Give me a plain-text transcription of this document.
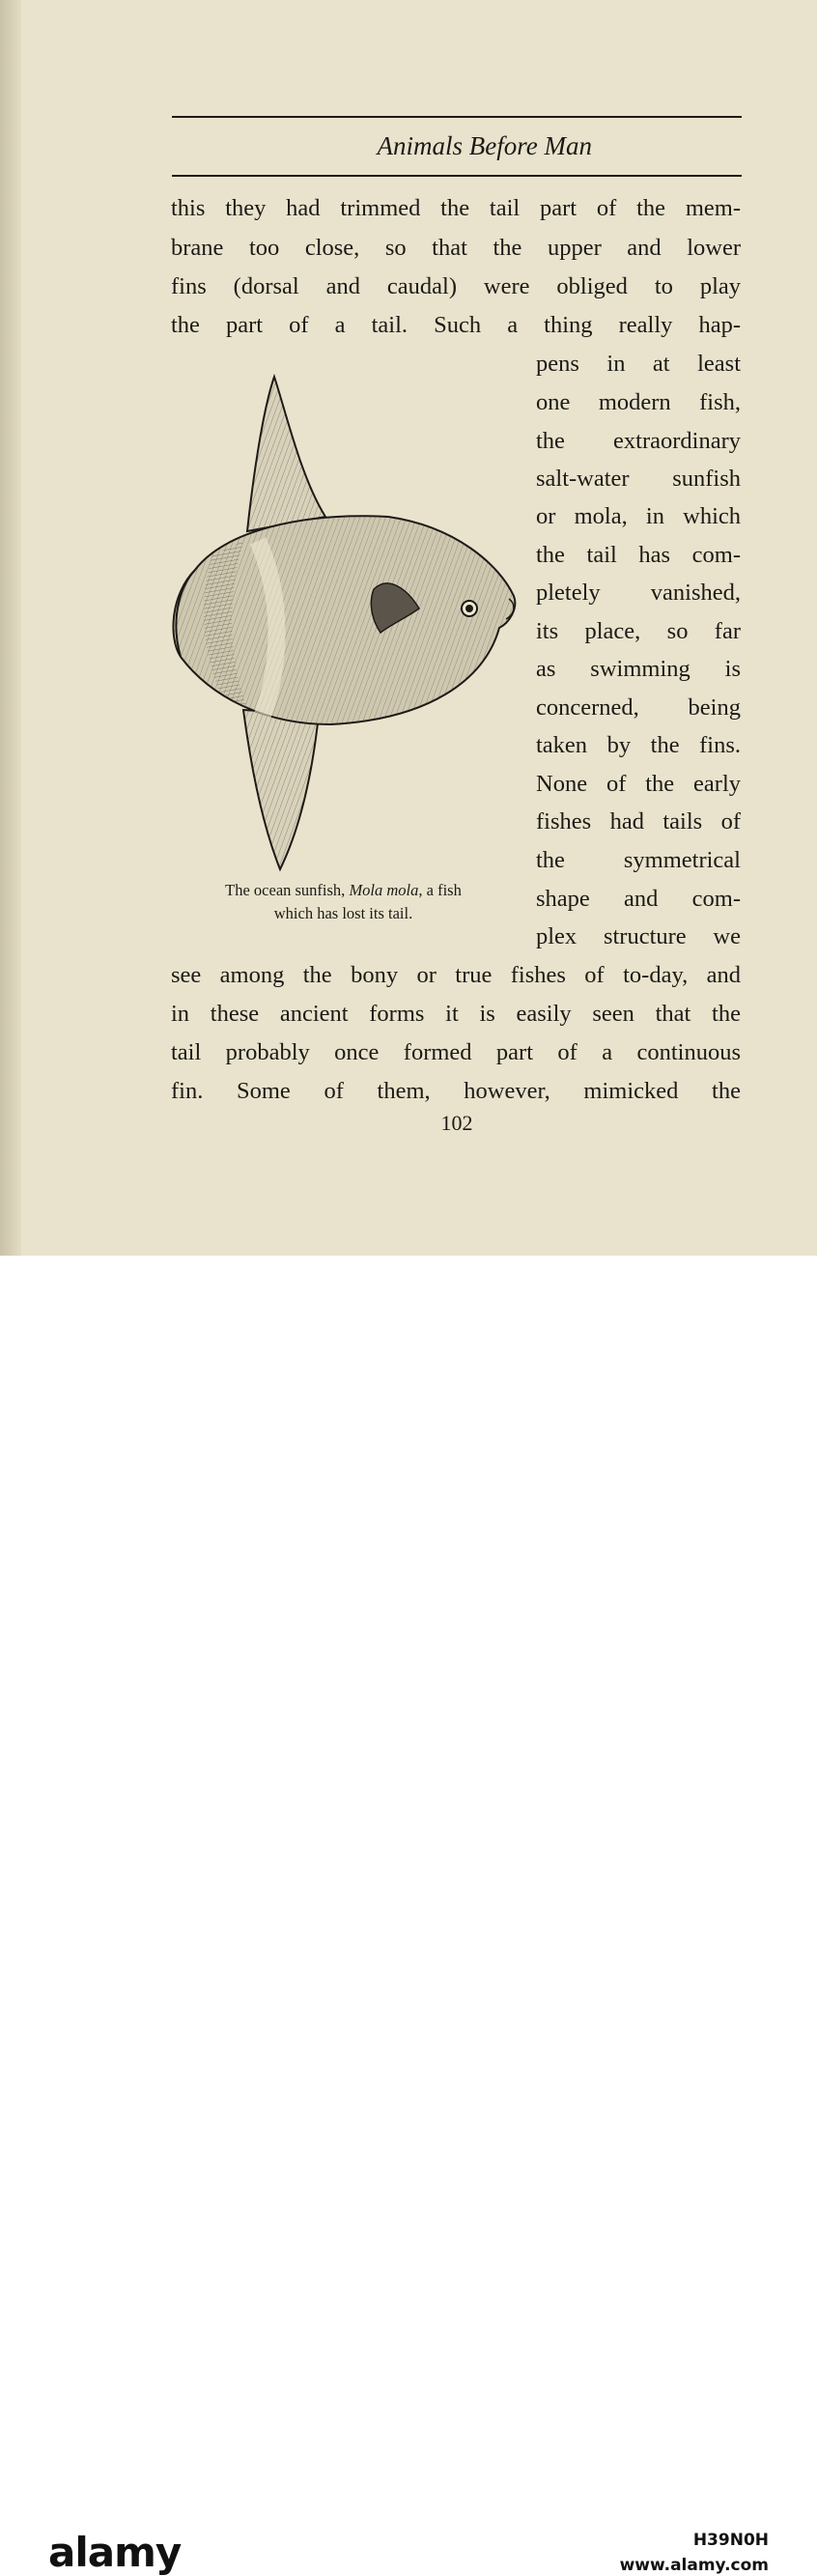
Animals Before Man
this they had trimmed the tail part of the mem-
brane too close, so that the upper and lower
fins (dorsal and caudal) were obliged to play
the part of a tail. Such a thing really hap-
pens in at least
one modern fish,
the extraordinary
salt-water sunfish
or mola, in which
the tail has com-
pletely vanished,
its place, so far
as swimming is
concerned, being
taken by the fins.
None of the early
fishes had tails of
the symmetrical
shape and com-
plex structure we
see among the bony or true fishes of to-day, and
in these ancient forms it is easily seen that the
tail probably once formed part of a continuous
fin. Some of them, however, mimicked the
The ocean sunfish, Mola mola, a fish
which has lost its tail.
102
alamy	H39N0H
www.alamy.com
